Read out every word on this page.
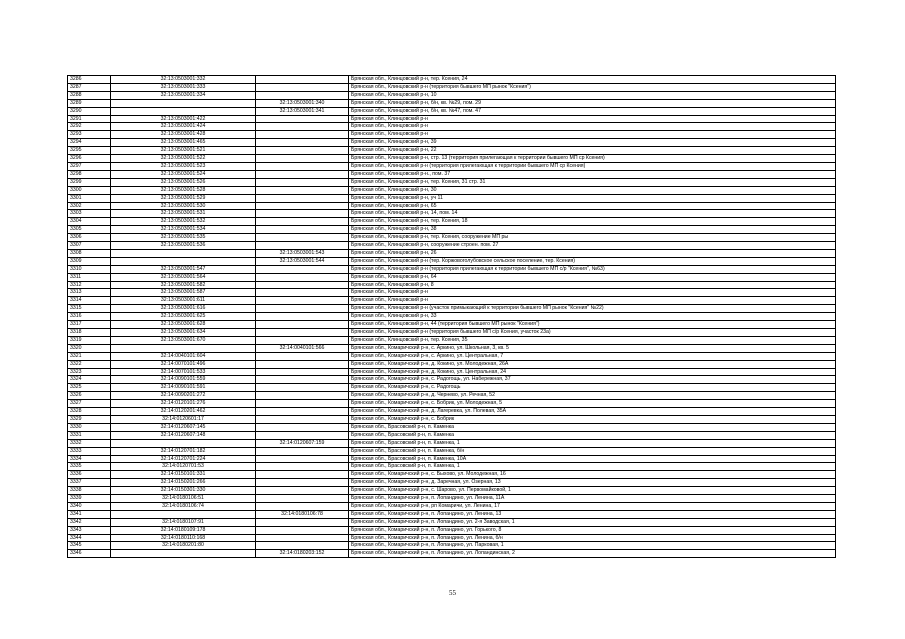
3286	32:13:0503001:332		Брянская обл., Клинцовский р-н, тер. Ксения, 24
3287	32:13:0503001:333		Брянская обл., Клинцовский р-н (территория бывшего МП рынок "Ксения")
3288	32:13:0503001:334		Брянская обл., Клинцовский р-н, 10
3289		32:13:0503001:340	Брянская обл., Клинцовский р-н, б/н, кв. №29, пом. 29
3290		32:13:0503001:341	Брянская обл., Клинцовский р-н, б/н, кв. №47, пом. 47
3291	32:13:0503001:422		Брянская обл., Клинцовский р-н
3292	32:13:0503001:424		Брянская обл., Клинцовский р-н
3293	32:13:0503001:428		Брянская обл., Клинцовский р-н
3294	32:13:0503001:465		Брянская обл., Клинцовский р-н, 39
3295	32:13:0503001:521		Брянская обл., Клинцовский р-н, 22
3296	32:13:0503001:522		Брянская обл., Клинцовский р-н, стр. 13 (территория прилегающая к территории бывшего МП ср Ксения)
3297	32:13:0503001:523		Брянская обл., Клинцовский р-н (территория прилегающая к территории бывшего МП ср Ксения)
3298	32:13:0503001:524		Брянская обл., Клинцовский р-н., пом. 37
3299	32:13:0503001:526		Брянская обл., Клинцовский р-н, тер. Ксения, 31 стр. 31
3300	32:13:0503001:528		Брянская обл., Клинцовский р-н, 30
3301	32:13:0503001:529		Брянская обл., Клинцовский р-н, уч 11
3302	32:13:0503001:530		Брянская обл., Клинцовский р-н, 65
3303	32:13:0503001:531		Брянская обл., Клинцовский р-н, 14, пом. 14
3304	32:13:0503001:532		Брянская обл., Клинцовский р-н, тер. Ксения, 18
3305	32:13:0503001:534		Брянская обл., Клинцовский р-н, 38
3306	32:13:0503001:535		Брянская обл., Клинцовский р-н, тер. Ксения, сооружение МП ры
3307	32:13:0503001:536		Брянская обл., Клинцовский р-н, сооружение строен. пом. 27
3308		32:13:0503001:543	Брянская обл., Клинцовский р-н, 26
3309		32:13:0503001:544	Брянская обл., Клинцовский р-н (тер. Коржовоголубовское сельское поселение, тер. Ксения)
3310	32:13:0503001:547		Брянская обл., Клинцовский р-н (территория прилегающая к территории бывшего МП с/р "Ксения", №63)
3311	32:13:0503001:564		Брянская обл., Клинцовский р-н, 64
3312	32:13:0503001:582		Брянская обл., Клинцовский р-н, 8
3313	32:13:0503001:587		Брянская обл., Клинцовский р-н
3314	32:13:0503001:611		Брянская обл., Клинцовский р-н
3315	32:13:0503001:616		Брянская обл., Клинцовский р-н (участок примыкающий к территории бывшего МП рынок "Ксения" №22)
3316	32:13:0503001:625		Брянская обл., Клинцовский р-н, 33
3317	32:13:0503001:628		Брянская обл., Клинцовский р-н, 44 (территория бывшего МП рынок "Ксения")
3318	32:13:0503001:634		Брянская обл., Клинцовский р-н (территория бывшего МП с/р Ксения, участок 23а)
3319	32:13:0503001:670		Брянская обл., Клинцовский р-н, тер. Ксения, 35
3320		32:14:0040101:566	Брянская обл., Комаричский р-н, с. Аркино, ул. Школьная, 3, кв. 5
3321	32:14:0040101:604		Брянская обл., Комаричский р-н, с. Аркино, ул. Центральная, 7
3322	32:14:0070101:496		Брянская обл., Комаричский р-н, д. Кокино, ул. Молодежная, 26А
3323	32:14:0070101:533		Брянская обл., Комаричский р-н, д. Кокино, ул. Центральная, 24
3324	32:14:0090101:559		Брянская обл., Комаричский р-н, с. Радогощь, ул. Набережная, 37
3325	32:14:0090101:591		Брянская обл., Комаричский р-н, с. Радогощь
3326	32:14:0090201:272		Брянская обл., Комаричский р-н, д. Черневo, ул. Речная, 52
3327	32:14:0120101:276		Брянская обл., Комаричский р-н, с. Бобрик, ул. Молодежная, 5
3328	32:14:0120201:462		Брянская обл., Комаричский р-н, д. Лагеревка, ул. Полевая, 35А
3329	32:14:0120601:17		Брянская обл., Комаричский р-н, с. Бобрик
3330	32:14:0120607:145		Брянская обл., Брасовский р-н, п. Каменка
3331	32:14:0120607:148		Брянская обл., Брасовский р-н, п. Каменка
3332		32:14:0120607:159	Брянская обл., Брасовский р-н, п. Каменка, 1
3333	32:14:0120701:182		Брянская обл., Брасовский р-н, п. Каменка, б/н
3334	32:14:0120701:224		Брянская обл., Брасовский р-н, п. Каменка, 10А
3335	32:14:0120701:53		Брянская обл., Брасовский р-н, п. Каменка, 1
3336	32:14:0150101:331		Брянская обл., Комаричский р-н, с. Быхово, ул. Молодежная, 16
3337	32:14:0150201:266		Брянская обл., Комаричский р-н, д. Заречная, ул. Озерная, 13
3338	32:14:0150301:330		Брянская обл., Комаричский р-н, с. Шарово, ул. Первомайковой, 1
3339	32:14:0180106:51		Брянская обл., Комаричский р-н, п. Лопандино, ул. Ленина, 11А
3340	32:14:0180106:74		Брянская обл., Комаричский р-н, рп Комаричи, ул. Ленина, 17
3341		32:14:0180106:78	Брянская обл., Комаричский р-н, п. Лопандино, ул. Ленина, 13
3342	32:14:0180107:91		Брянская обл., Комаричский р-н, п. Лопандино, ул. 2-я Заводская, 1
3343	32:14:0180109:178		Брянская обл., Комаричский р-н, п. Лопандино, ул. Горького, 8
3344	32:14:0180110:168		Брянская обл., Комаричский р-н, п. Лопандино, ул. Ленина, б/н
3345	32:14:0180201:80		Брянская обл., Комаричский р-н, п. Лопандино, ул. Парковая, 1
3346		32:14:0180203:152	Брянская обл., Комаричский р-н, п. Лопандино, ул. Лопандинская, 2
55
